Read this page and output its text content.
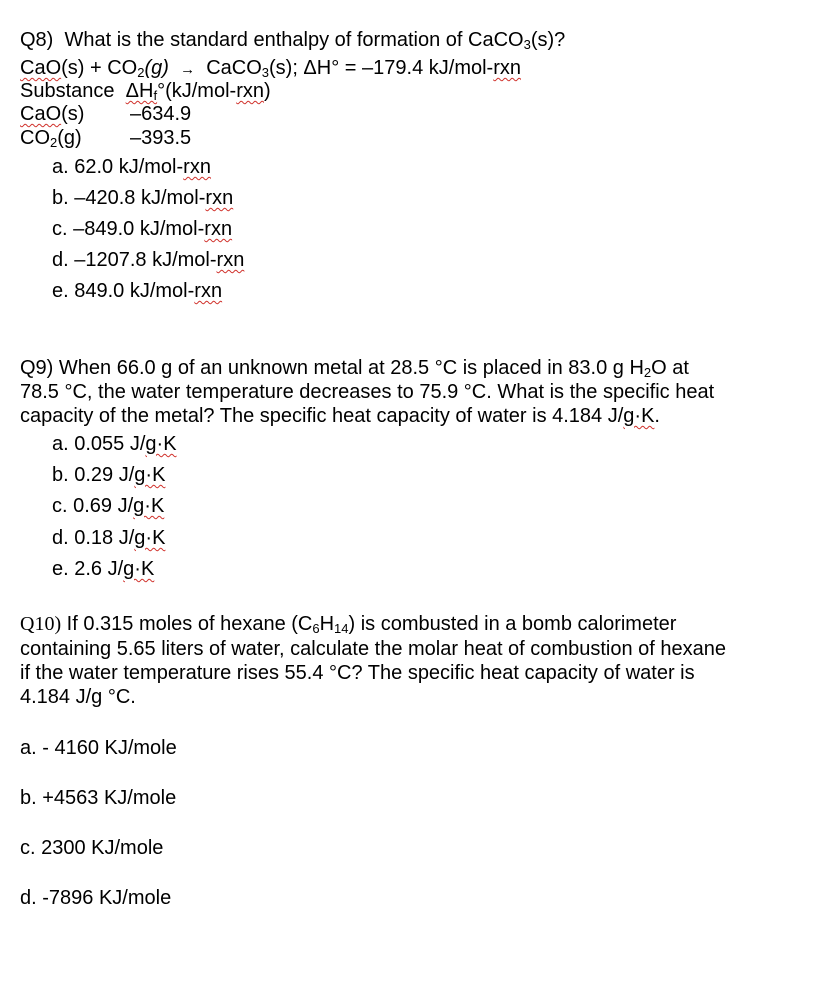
Q8) What is the standard enthalpy of formation of CaCO$_3$(s)?
$CaO(s) + CO_2(g)$ → CaCO$_3$(s); ΔH° = –179.4 kJ/mol-rxn
Substance $\Delta H_f^\circ(kJ/mol-rxn)$
CaO(s) –634.9
$CO_2(g)$ –393.5
a. 62.0 kJ/mol-rxn
b. –420.8 kJ/mol-rxn
c. –849.0 kJ/mol-rxn
d. –1207.8 kJ/mol-rxn
e. 849.0 kJ/mol-rxn
Q9) When 66.0 g of an unknown metal at 28.5 °C is placed in 83.0 g $H_2O$ at
78.5 °C, the water temperature decreases to 75.9 °C. What is the specific heat
capacity of the metal? The specific heat capacity of water is 4.184 J/g·K.
a. 0.055 J/g·K
b. 0.29 J/g·K
c. 0.69 J/g·K
d. 0.18 J/g·K
e. 2.6 J/g·K
Q10) If 0.315 moles of hexane $(C_6H_{14})$ is combusted in a bomb calorimeter
containing 5.65 liters of water, calculate the molar heat of combustion of hexane
if the water temperature rises 55.4 °C? The specific heat capacity of water is
4.184 J/g °C.
a. - 4160 KJ/mole
b. +4563 KJ/mole
c. 2300 KJ/mole
d. -7896 KJ/mole
